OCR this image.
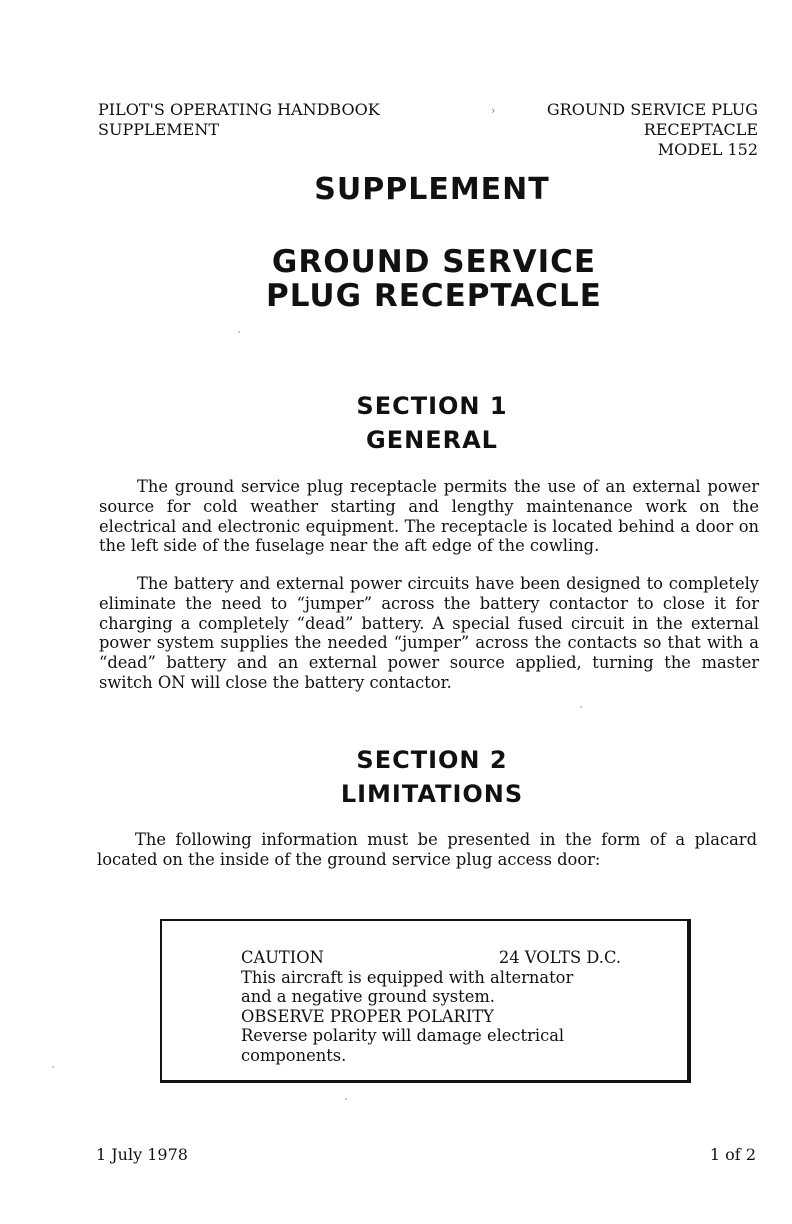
PILOT'S OPERATING HANDBOOK
SUPPLEMENT
›	GROUND SERVICE PLUG
RECEPTACLE
MODEL 152
SUPPLEMENT
GROUND SERVICE
PLUG RECEPTACLE
SECTION 1
GENERAL

The ground service plug receptacle permits the use of an external power source for cold weather starting and lengthy maintenance work on the electrical and electronic equipment. The receptacle is located behind a door on the left side of the fuselage near the aft edge of the cowling.

The battery and external power circuits have been designed to completely eliminate the need to “jumper” across the battery contactor to close it for charging a completely “dead” battery. A special fused circuit in the external power system supplies the needed “jumper” across the contacts so that with a “dead” battery and an external power source applied, turning the master switch ON will close the battery contactor.

SECTION 2
LIMITATIONS

The following information must be presented in the form of a placard located on the inside of the ground service plug access door:

CAUTION	24 VOLTS D.C.
This aircraft is equipped with alternator
and a negative ground system.
OBSERVE PROPER POLARITY
Reverse polarity will damage electrical
components.
1 July 1978	1 of 2
